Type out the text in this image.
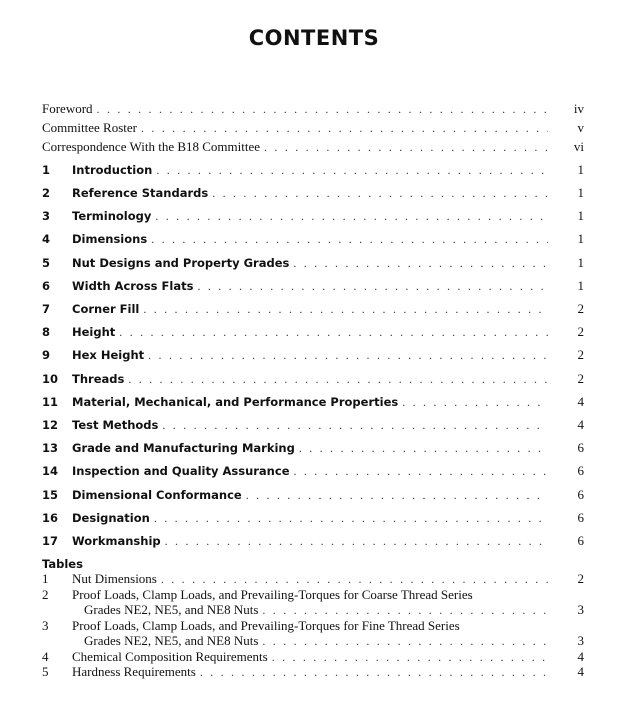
CONTENTS
Foreword . . .	iv
Committee Roster . . .	v
Correspondence With the B18 Committee . . .	vi
1	Introduction . . .	1
2	Reference Standards . . .	1
3	Terminology . . .	1
4	Dimensions . . .	1
5	Nut Designs and Property Grades . . .	1
6	Width Across Flats . . .	1
7	Corner Fill . . .	2
8	Height . . .	2
9	Hex Height . . .	2
10	Threads . . .	2
11	Material, Mechanical, and Performance Properties . . .	4
12	Test Methods . . .	4
13	Grade and Manufacturing Marking . . .	6
14	Inspection and Quality Assurance . . .	6
15	Dimensional Conformance . . .	6
16	Designation . . .	6
17	Workmanship . . .	6
Tables
1	Nut Dimensions . . .	2
2 Proof Loads, Clamp Loads, and Prevailing-Torques for Coarse Thread Series
Grades NE2, NE5, and NE8 Nuts . . .	3
3 Proof Loads, Clamp Loads, and Prevailing-Torques for Fine Thread Series
Grades NE2, NE5, and NE8 Nuts . . .	3
4	Chemical Composition Requirements . . .	4
5	Hardness Requirements . . .	4
